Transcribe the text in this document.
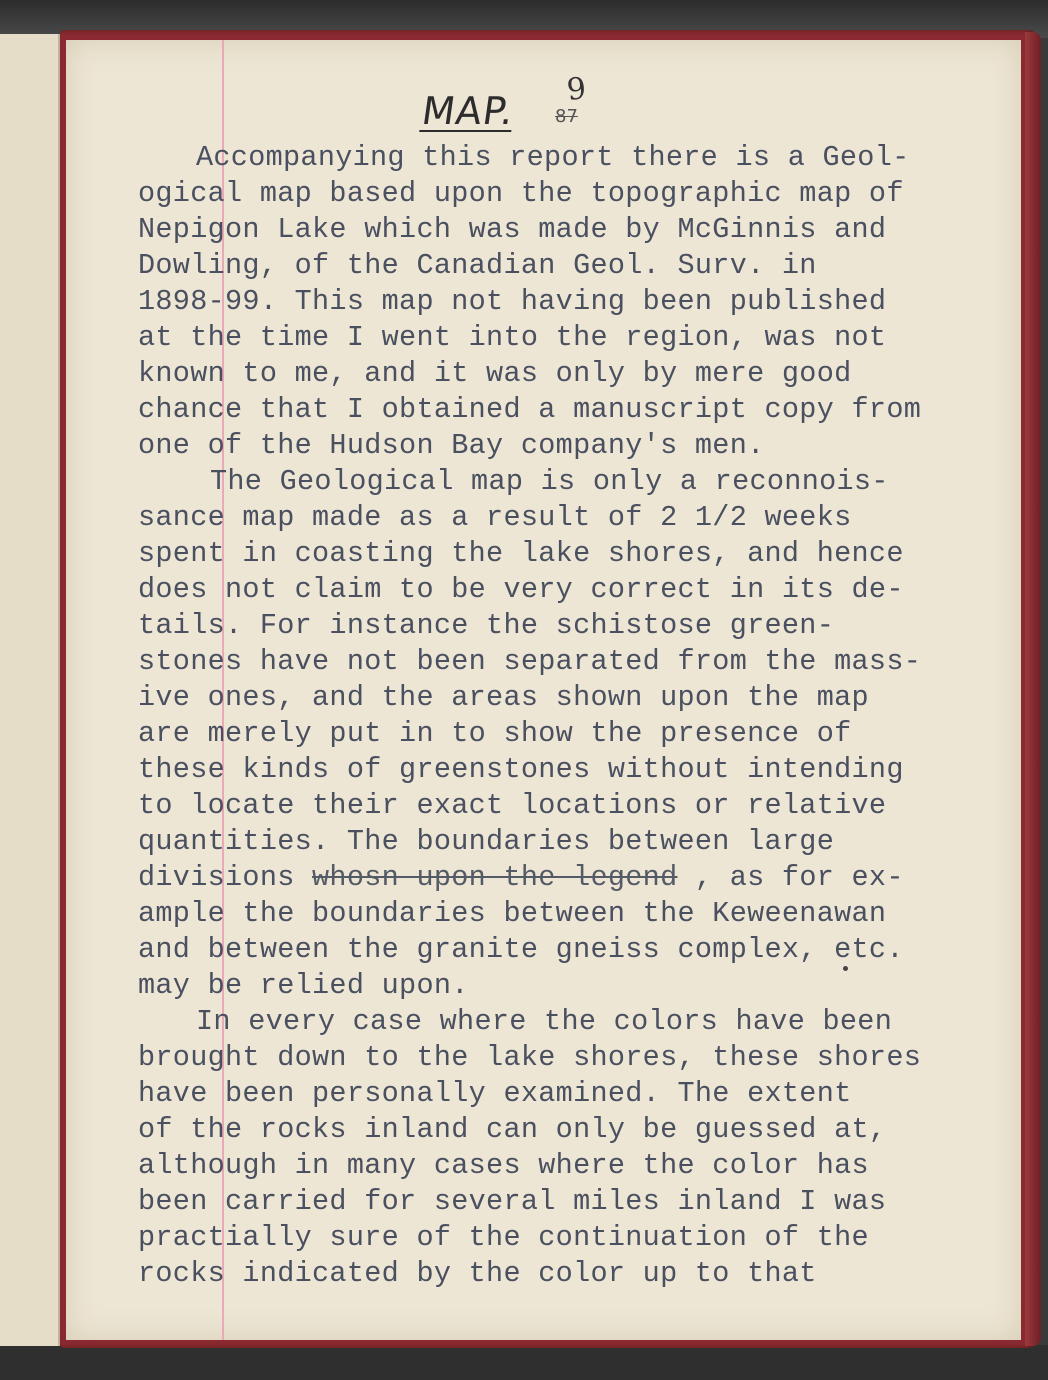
MAP. 9
87
Accompanying this report there is a Geol-
ogical map based upon the topographic map of
Nepigon Lake which was made by McGinnis and
Dowling, of the Canadian Geol. Surv. in
1898-99. This map not having been published
at the time I went into the region, was not
known to me, and it was only by mere good
chance that I obtained a manuscript copy from
one of the Hudson Bay company's men.
The Geological map is only a reconnois-
sance map made as a result of 2 1/2 weeks
spent in coasting the lake shores, and hence
does not claim to be very correct in its de-
tails. For instance the schistose green-
stones have not been separated from the mass-
ive ones, and the areas shown upon the map
are merely put in to show the presence of
these kinds of greenstones without intending
to locate their exact locations or relative
quantities. The boundaries between large
divisions whosn upon the legend , as for ex-
ample the boundaries between the Keweenawan
and between the granite gneiss complex, etc.
may be relied upon.
In every case where the colors have been
brought down to the lake shores, these shores
have been personally examined. The extent
of the rocks inland can only be guessed at,
although in many cases where the color has
been carried for several miles inland I was
practially sure of the continuation of the
rocks indicated by the color up to that
